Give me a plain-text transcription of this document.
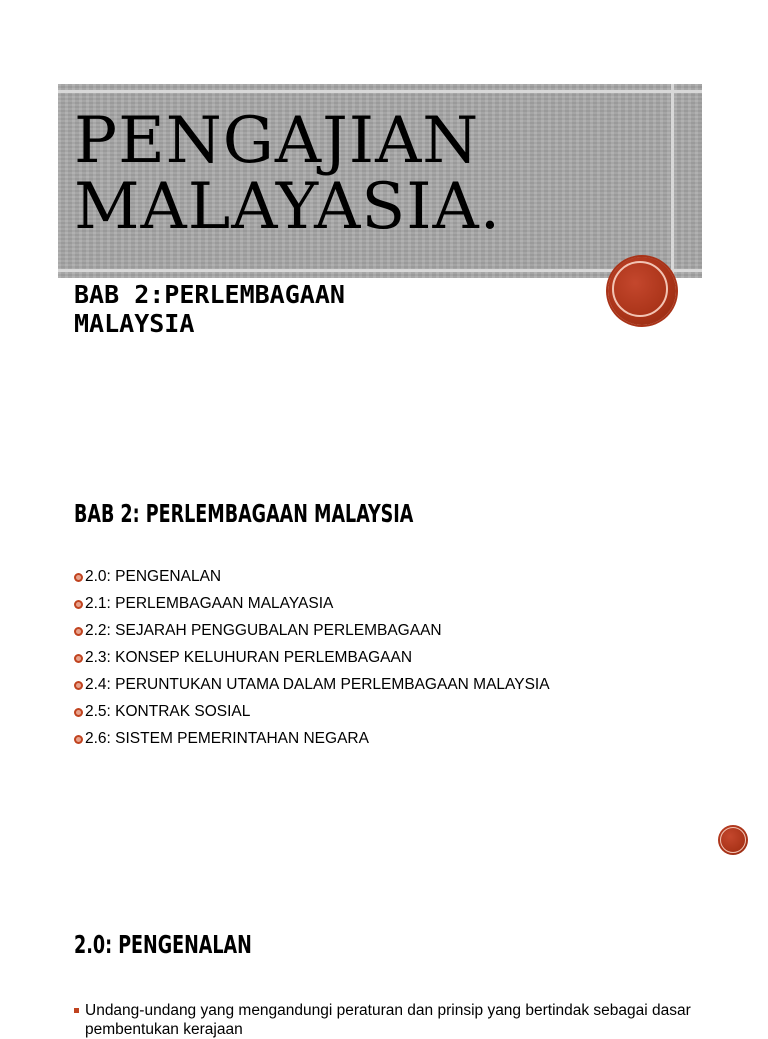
PENGAJIAN
MALAYASIA.
BAB 2:PERLEMBAGAAN
MALAYSIA
BAB 2: PERLEMBAGAAN MALAYSIA
2.0: PENGENALAN
2.1: PERLEMBAGAAN MALAYASIA
2.2: SEJARAH PENGGUBALAN PERLEMBAGAAN
2.3: KONSEP KELUHURAN PERLEMBAGAAN
2.4: PERUNTUKAN UTAMA DALAM PERLEMBAGAAN MALAYSIA
2.5: KONTRAK SOSIAL
2.6: SISTEM PEMERINTAHAN NEGARA
2.0: PENGENALAN

Undang-undang yang mengandungi peraturan dan prinsip yang bertindak sebagai dasar pembentukan kerajaan
